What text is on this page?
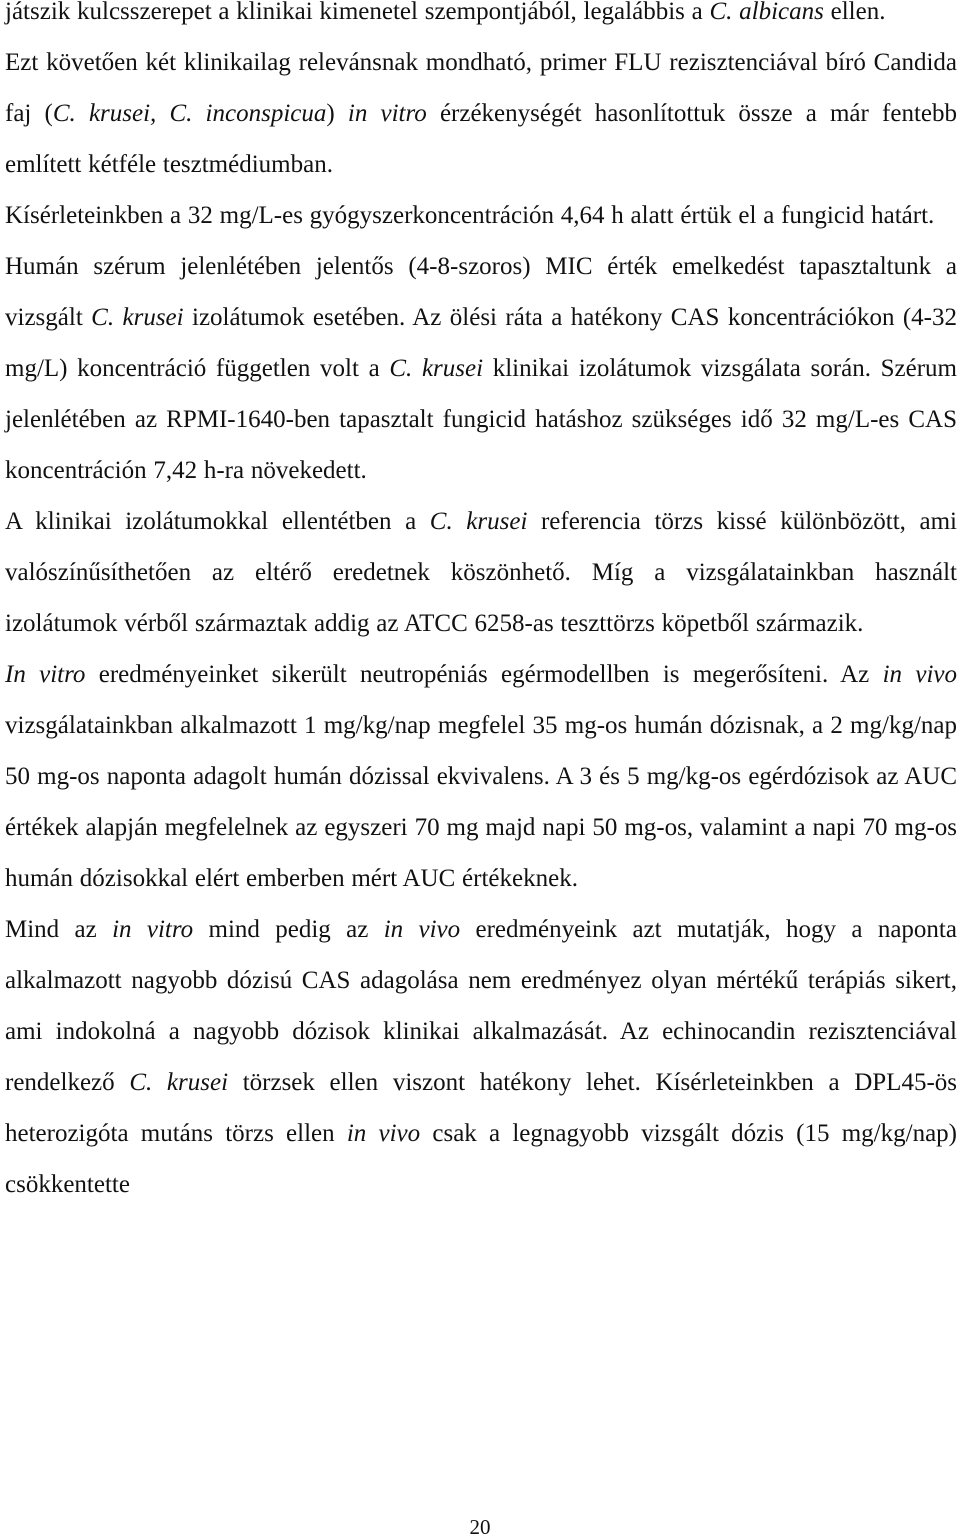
játszik kulcsszerepet a klinikai kimenetel szempontjából, legalábbis a C. albicans ellen.

Ezt követően két klinikailag relevánsnak mondható, primer FLU rezisztenciával bíró Candida faj (C. krusei, C. inconspicua) in vitro érzékenységét hasonlítottuk össze a már fentebb említett kétféle tesztmédiumban.

Kísérleteinkben a 32 mg/L-es gyógyszerkoncentráción 4,64 h alatt értük el a fungicid határt.

Humán szérum jelenlétében jelentős (4-8-szoros) MIC érték emelkedést tapasztaltunk a vizsgált C. krusei izolátumok esetében. Az ölési ráta a hatékony CAS koncentrációkon (4-32 mg/L) koncentráció független volt a C. krusei klinikai izolátumok vizsgálata során. Szérum jelenlétében az RPMI-1640-ben tapasztalt fungicid hatáshoz szükséges idő 32 mg/L-es CAS koncentráción 7,42 h-ra növekedett.

A klinikai izolátumokkal ellentétben a C. krusei referencia törzs kissé különbözött, ami valószínűsíthetően az eltérő eredetnek köszönhető. Míg a vizsgálatainkban használt izolátumok vérből származtak addig az ATCC 6258-as teszttörzs köpetből származik.

In vitro eredményeinket sikerült neutropéniás egérmodellben is megerősíteni. Az in vivo vizsgálatainkban alkalmazott 1 mg/kg/nap megfelel 35 mg-os humán dózisnak, a 2 mg/kg/nap 50 mg-os naponta adagolt humán dózissal ekvivalens. A 3 és 5 mg/kg-os egérdózisok az AUC értékek alapján megfelelnek az egyszeri 70 mg majd napi 50 mg-os, valamint a napi 70 mg-os humán dózisokkal elért emberben mért AUC értékeknek.

Mind az in vitro mind pedig az in vivo eredményeink azt mutatják, hogy a naponta alkalmazott nagyobb dózisú CAS adagolása nem eredményez olyan mértékű terápiás sikert, ami indokolná a nagyobb dózisok klinikai alkalmazását. Az echinocandin rezisztenciával rendelkező C. krusei törzsek ellen viszont hatékony lehet. Kísérleteinkben a DPL45-ös heterozigóta mutáns törzs ellen in vivo csak a legnagyobb vizsgált dózis (15 mg/kg/nap) csökkentette

20
